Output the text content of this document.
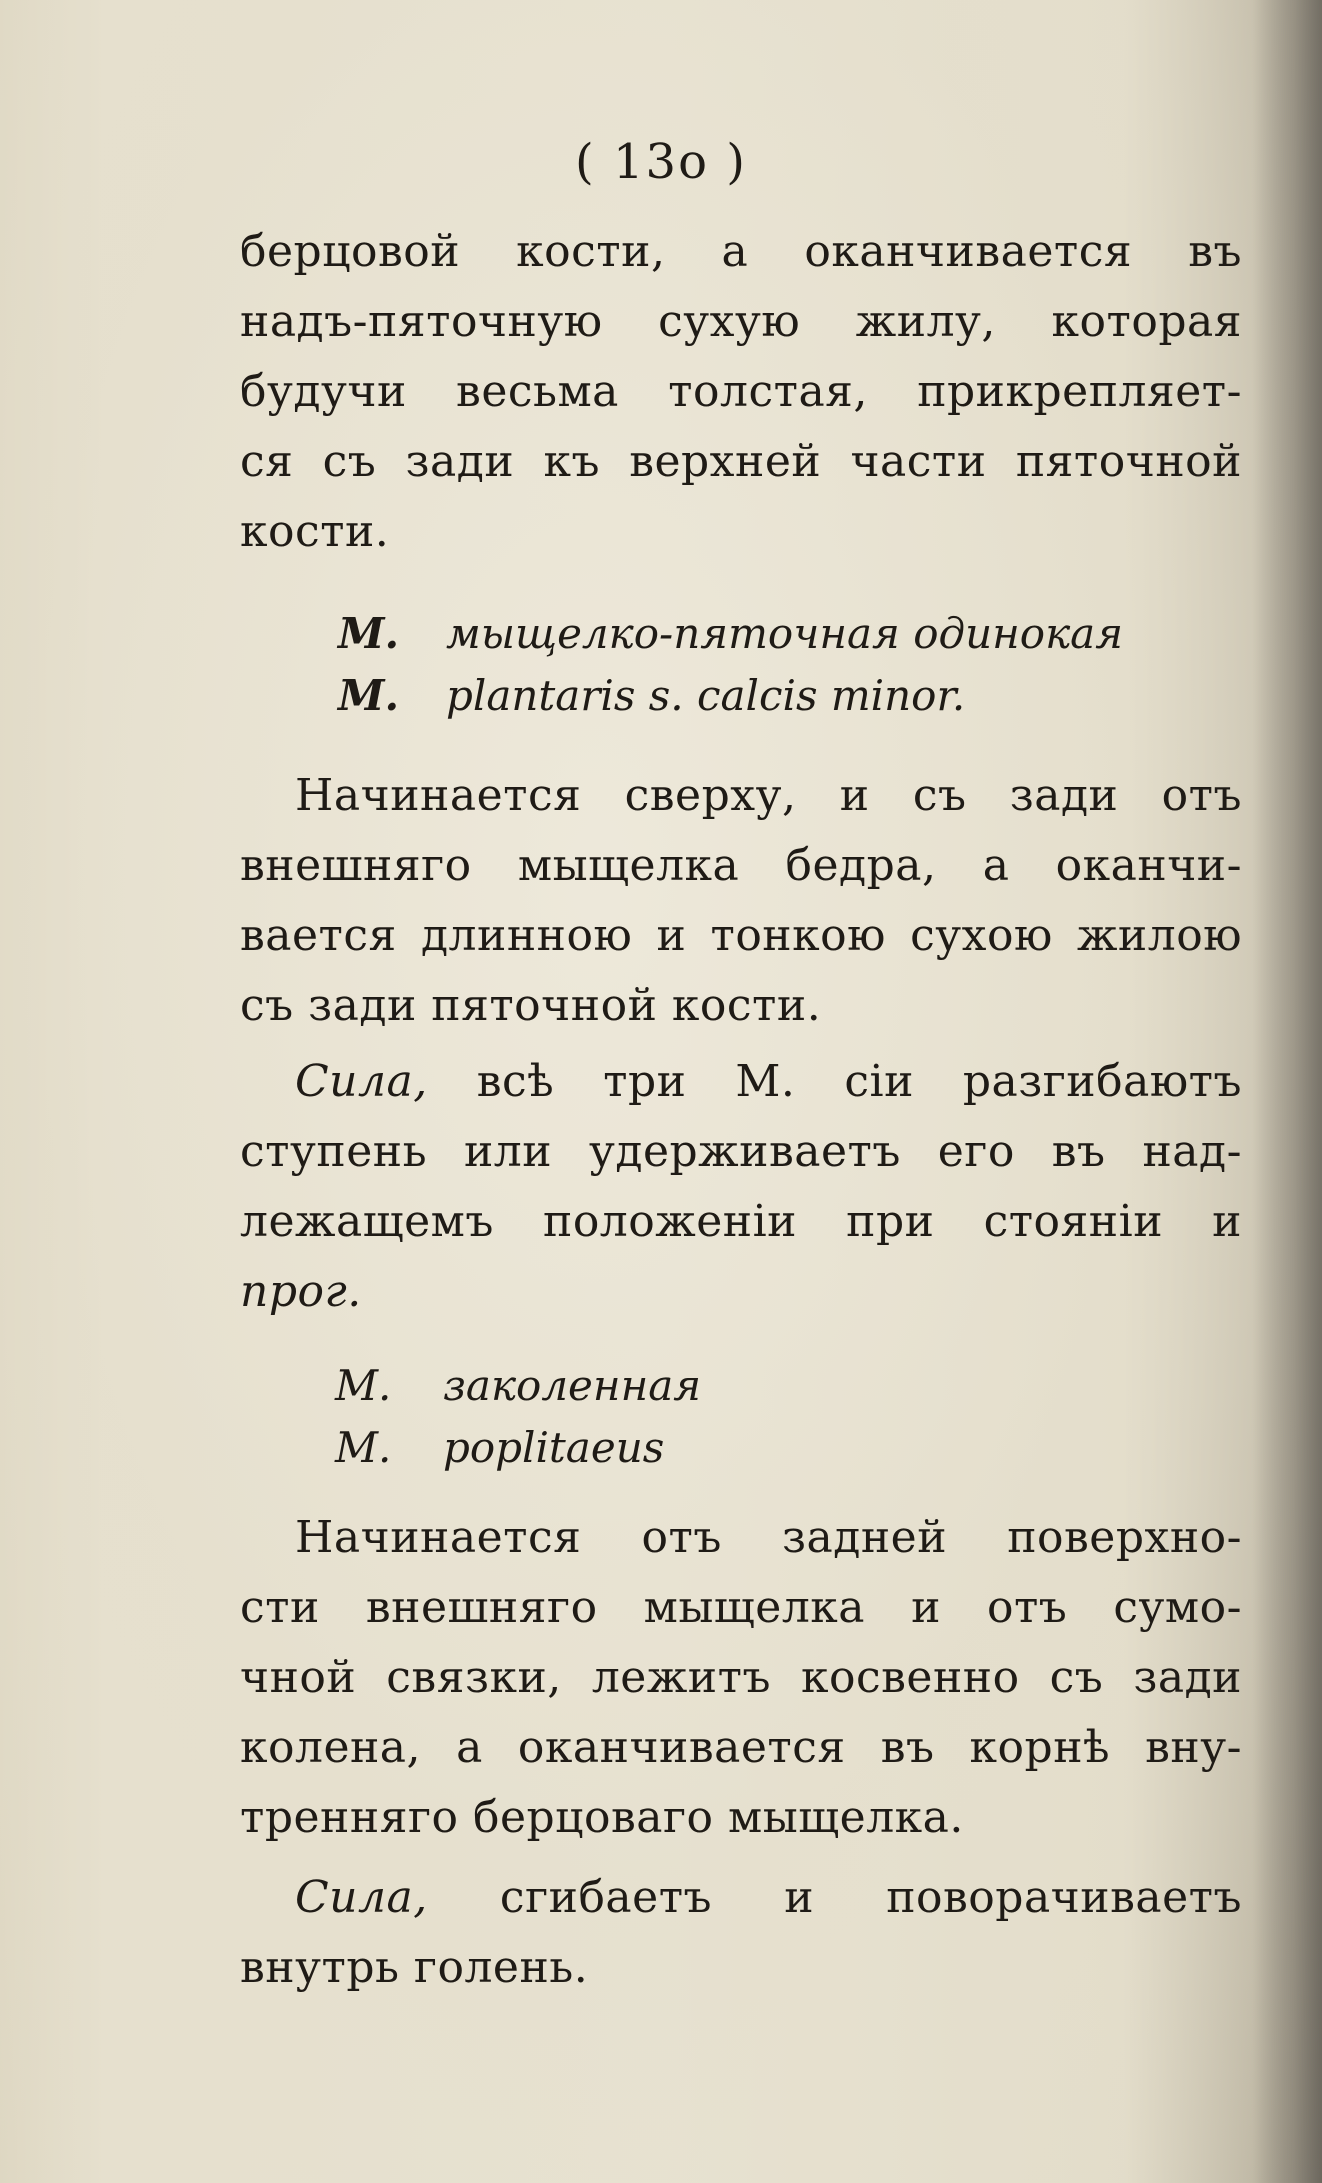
( 13о )
берцовой кости, а оканчивается въ
надъ-пяточную сухую жилу, которая
будучи весьма толстая, прикрепляет-
ся съ зади къ верхней части пяточной
кости.
М. мыщелко-пяточная одинокая
M. plantaris s. calcis minor.
Начинается сверху, и съ зади отъ
внешняго мыщелка бедра, а оканчи-
вается длинною и тонкою сухою жилою
съ зади пяточной кости.
Сила, всѣ три М. сіи разгибаютъ
ступень или удерживаетъ его въ над-
лежащемъ положеніи при стояніи и
прог.
М. заколенная
M. poplitaeus
Начинается отъ задней поверхно-
сти внешняго мыщелка и отъ сумо-
чной связки, лежитъ косвенно съ зади
колена, а оканчивается въ корнѣ вну-
тренняго берцоваго мыщелка.
Сила, сгибаетъ и поворачиваетъ
внутрь голень.
